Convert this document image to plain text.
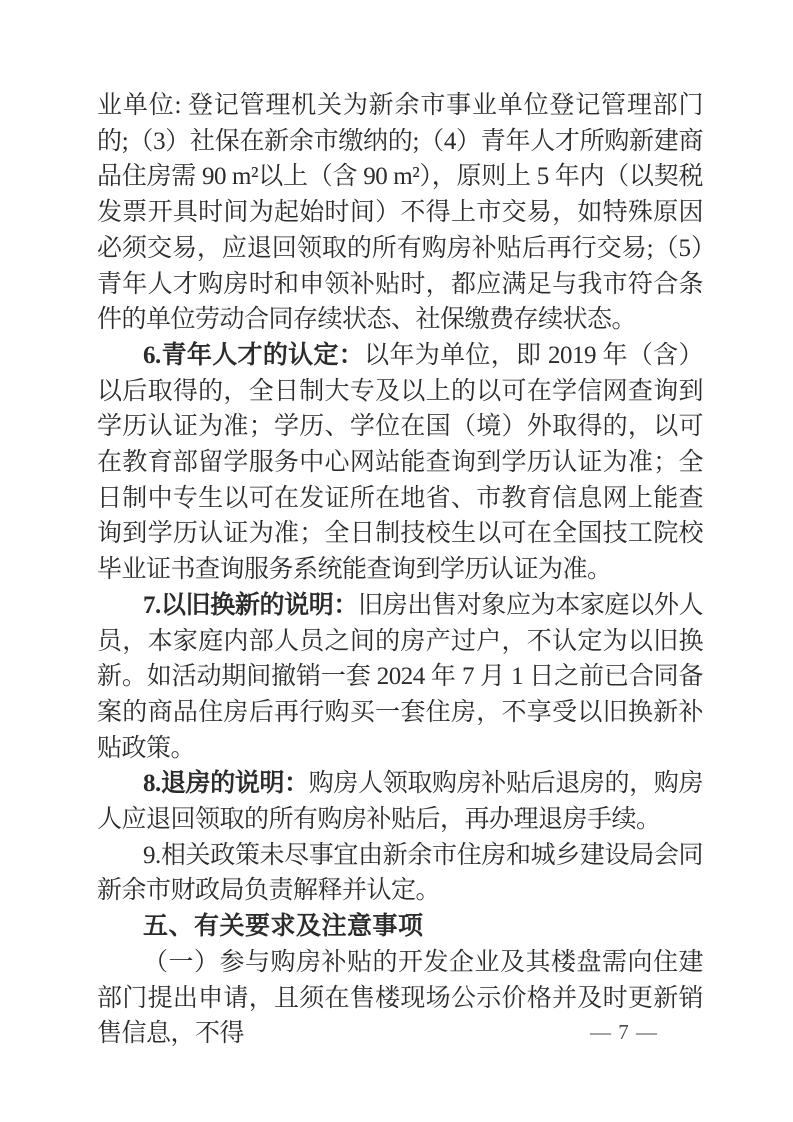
业单位: 登记管理机关为新余市事业单位登记管理部门的;（3）社保在新余市缴纳的;（4）青年人才所购新建商品住房需 90 m²以上（含 90 m²），原则上 5 年内（以契税发票开具时间为起始时间）不得上市交易，如特殊原因必须交易，应退回领取的所有购房补贴后再行交易;（5）青年人才购房时和申领补贴时，都应满足与我市符合条件的单位劳动合同存续状态、社保缴费存续状态。

6.青年人才的认定：以年为单位，即 2019 年（含）以后取得的，全日制大专及以上的以可在学信网查询到学历认证为准；学历、学位在国（境）外取得的，以可在教育部留学服务中心网站能查询到学历认证为准；全日制中专生以可在发证所在地省、市教育信息网上能查询到学历认证为准；全日制技校生以可在全国技工院校毕业证书查询服务系统能查询到学历认证为准。

7.以旧换新的说明：旧房出售对象应为本家庭以外人员，本家庭内部人员之间的房产过户，不认定为以旧换新。如活动期间撤销一套 2024 年 7 月 1 日之前已合同备案的商品住房后再行购买一套住房，不享受以旧换新补贴政策。

8.退房的说明：购房人领取购房补贴后退房的，购房人应退回领取的所有购房补贴后，再办理退房手续。

9.相关政策未尽事宜由新余市住房和城乡建设局会同新余市财政局负责解释并认定。

五、有关要求及注意事项

（一）参与购房补贴的开发企业及其楼盘需向住建部门提出申请，且须在售楼现场公示价格并及时更新销售信息，不得	— 7 —
